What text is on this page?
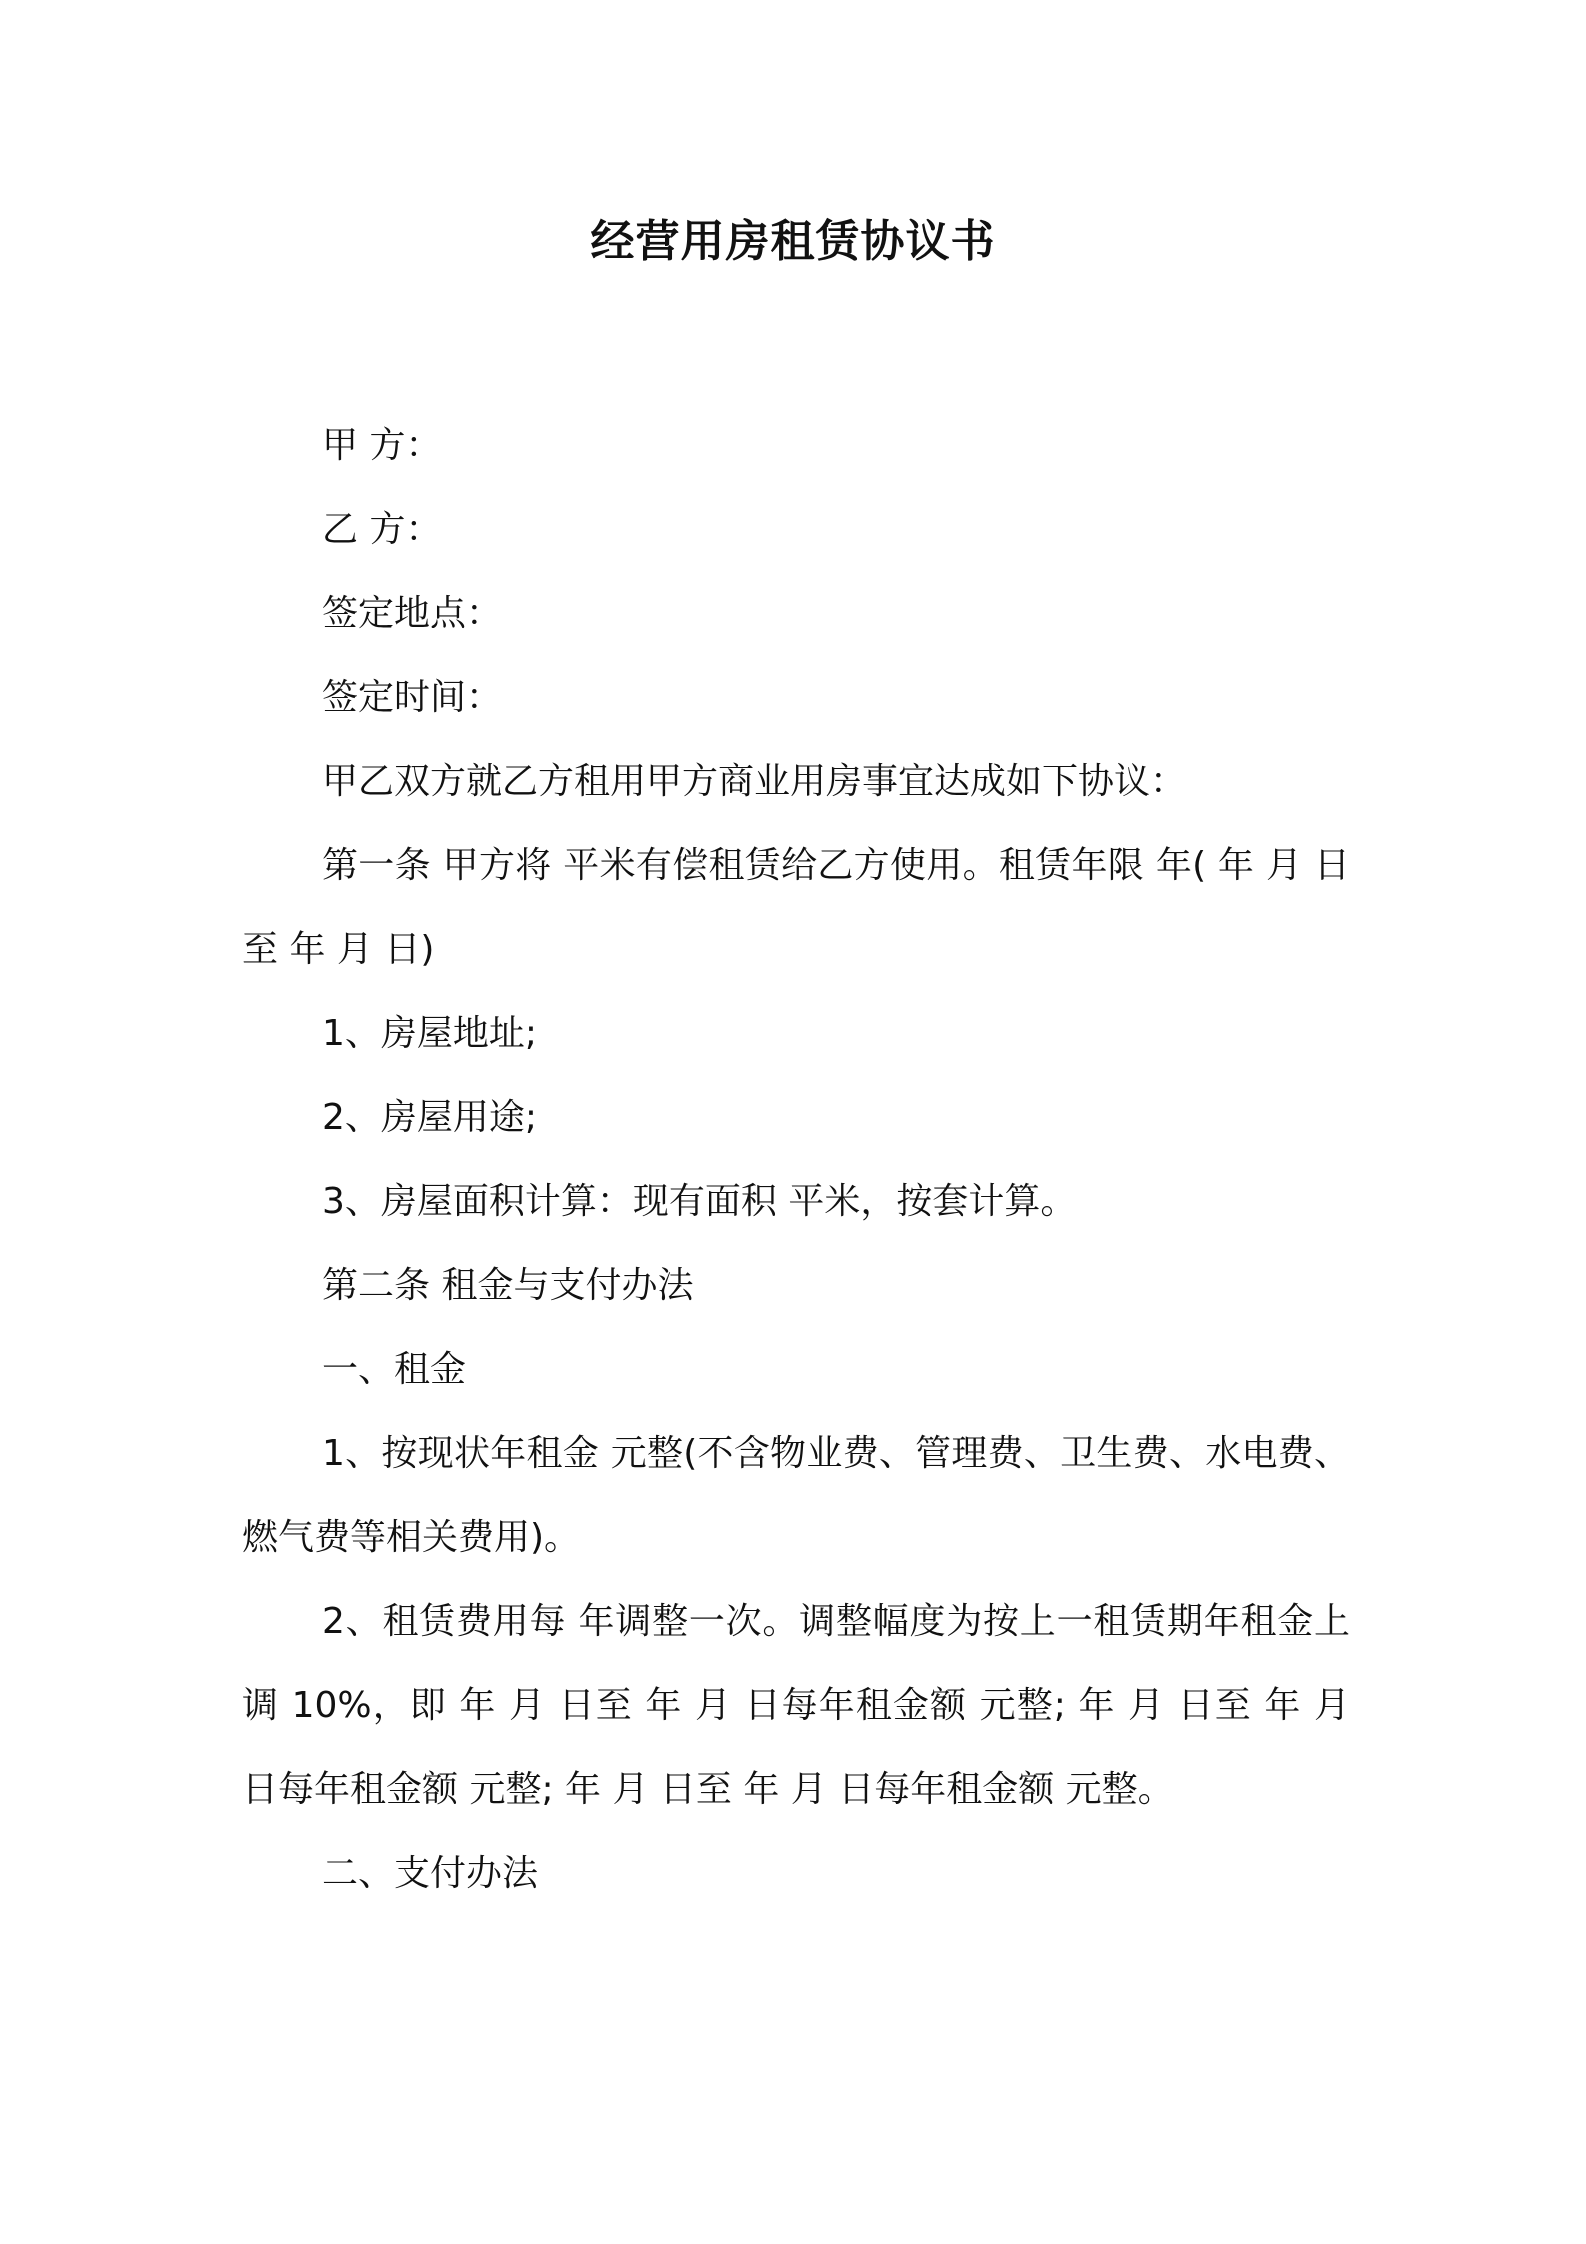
经营用房租赁协议书

甲 方：

乙 方：

签定地点：

签定时间：

甲乙双方就乙方租用甲方商业用房事宜达成如下协议：

第一条 甲方将 平米有偿租赁给乙方使用。租赁年限 年( 年 月 日至 年 月 日)

1、房屋地址;

2、房屋用途;

3、房屋面积计算：现有面积 平米，按套计算。

第二条 租金与支付办法

一、租金

1、按现状年租金 元整(不含物业费、管理费、卫生费、水电费、燃气费等相关费用)。

2、租赁费用每 年调整一次。调整幅度为按上一租赁期年租金上调 10%，即 年 月 日至 年 月 日每年租金额 元整; 年 月 日至 年 月 日每年租金额 元整; 年 月 日至 年 月 日每年租金额 元整。

二、支付办法
